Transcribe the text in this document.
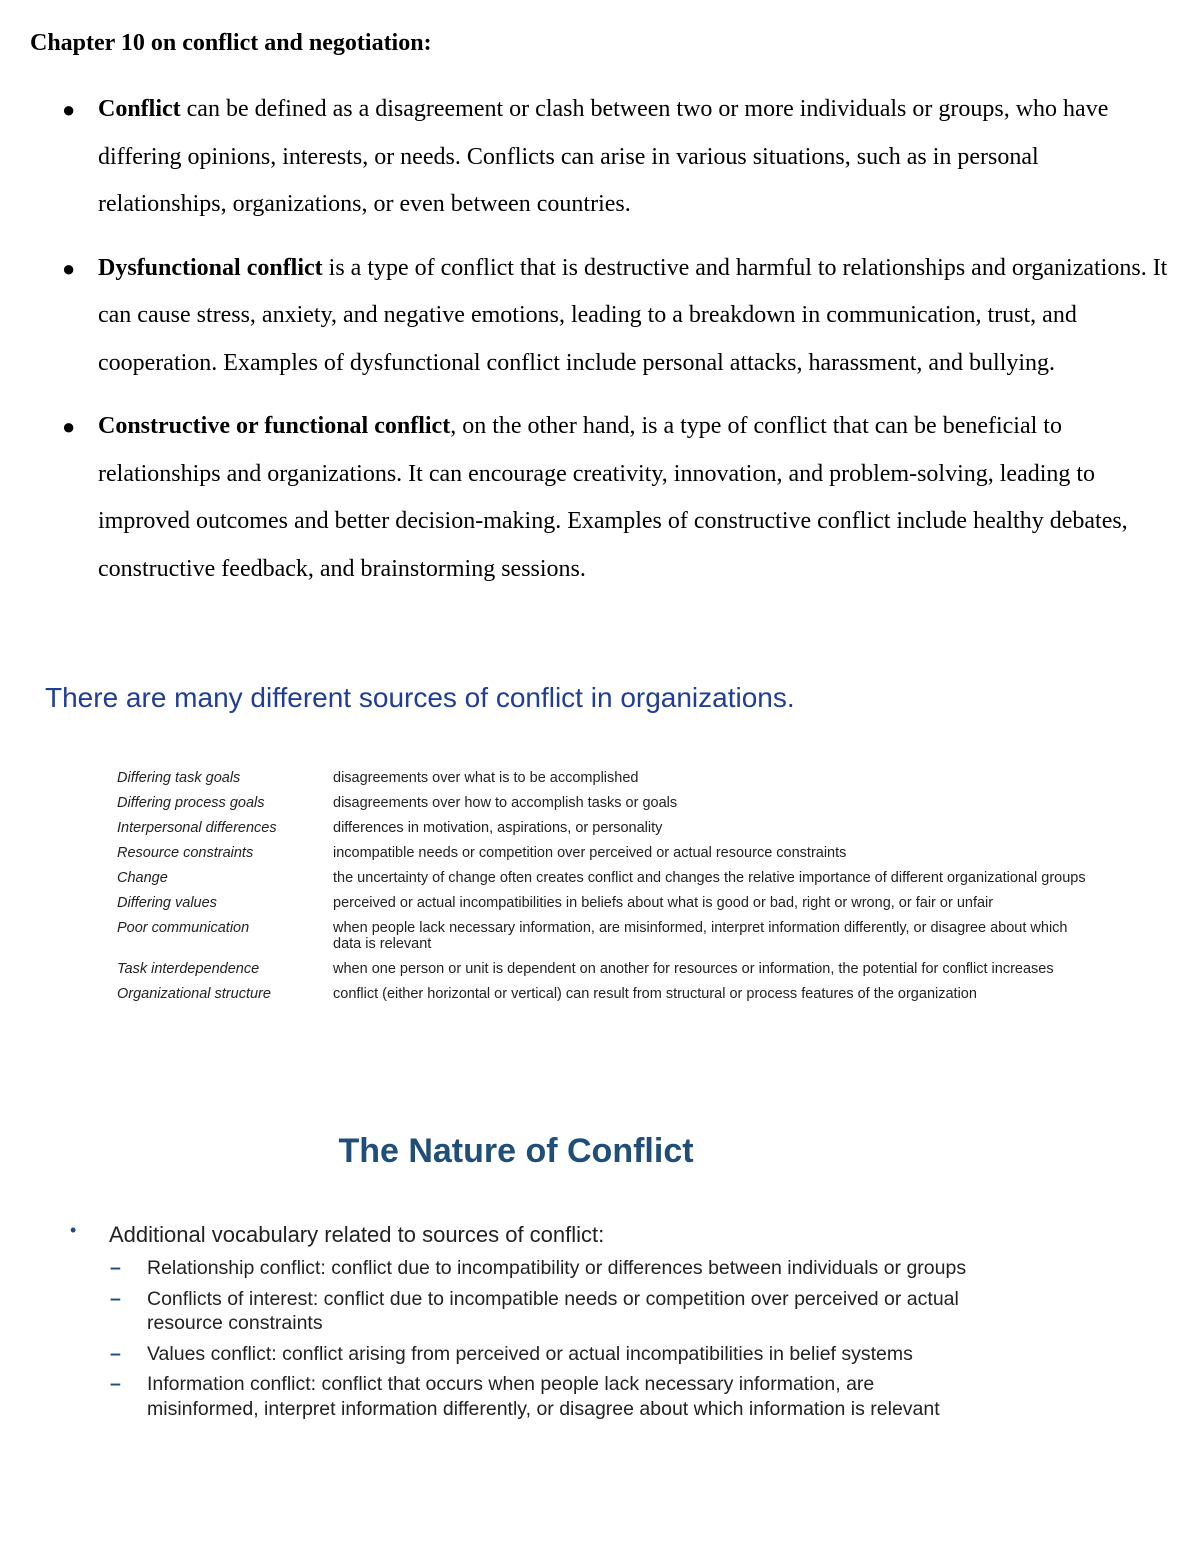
Chapter 10 on conflict and negotiation:
● Conflict can be defined as a disagreement or clash between two or more individuals or groups, who have differing opinions, interests, or needs. Conflicts can arise in various situations, such as in personal relationships, organizations, or even between countries.
● Dysfunctional conflict is a type of conflict that is destructive and harmful to relationships and organizations. It can cause stress, anxiety, and negative emotions, leading to a breakdown in communication, trust, and cooperation. Examples of dysfunctional conflict include personal attacks, harassment, and bullying.
● Constructive or functional conflict, on the other hand, is a type of conflict that can be beneficial to relationships and organizations. It can encourage creativity, innovation, and problem-solving, leading to improved outcomes and better decision-making. Examples of constructive conflict include healthy debates, constructive feedback, and brainstorming sessions.
There are many different sources of conflict in organizations.
Differing task goals	disagreements over what is to be accomplished
Differing process goals	disagreements over how to accomplish tasks or goals
Interpersonal differences	differences in motivation, aspirations, or personality
Resource constraints	incompatible needs or competition over perceived or actual resource constraints
Change	the uncertainty of change often creates conflict and changes the relative importance of different organizational groups
Differing values	perceived or actual incompatibilities in beliefs about what is good or bad, right or wrong, or fair or unfair
Poor communication	when people lack necessary information, are misinformed, interpret information differently, or disagree about which data is relevant
Task interdependence	when one person or unit is dependent on another for resources or information, the potential for conflict increases
Organizational structure	conflict (either horizontal or vertical) can result from structural or process features of the organization
The Nature of Conflict
• Additional vocabulary related to sources of conflict:
– Relationship conflict: conflict due to incompatibility or differences between individuals or groups
– Conflicts of interest: conflict due to incompatible needs or competition over perceived or actual resource constraints
– Values conflict: conflict arising from perceived or actual incompatibilities in belief systems
– Information conflict: conflict that occurs when people lack necessary information, are misinformed, interpret information differently, or disagree about which information is relevant
